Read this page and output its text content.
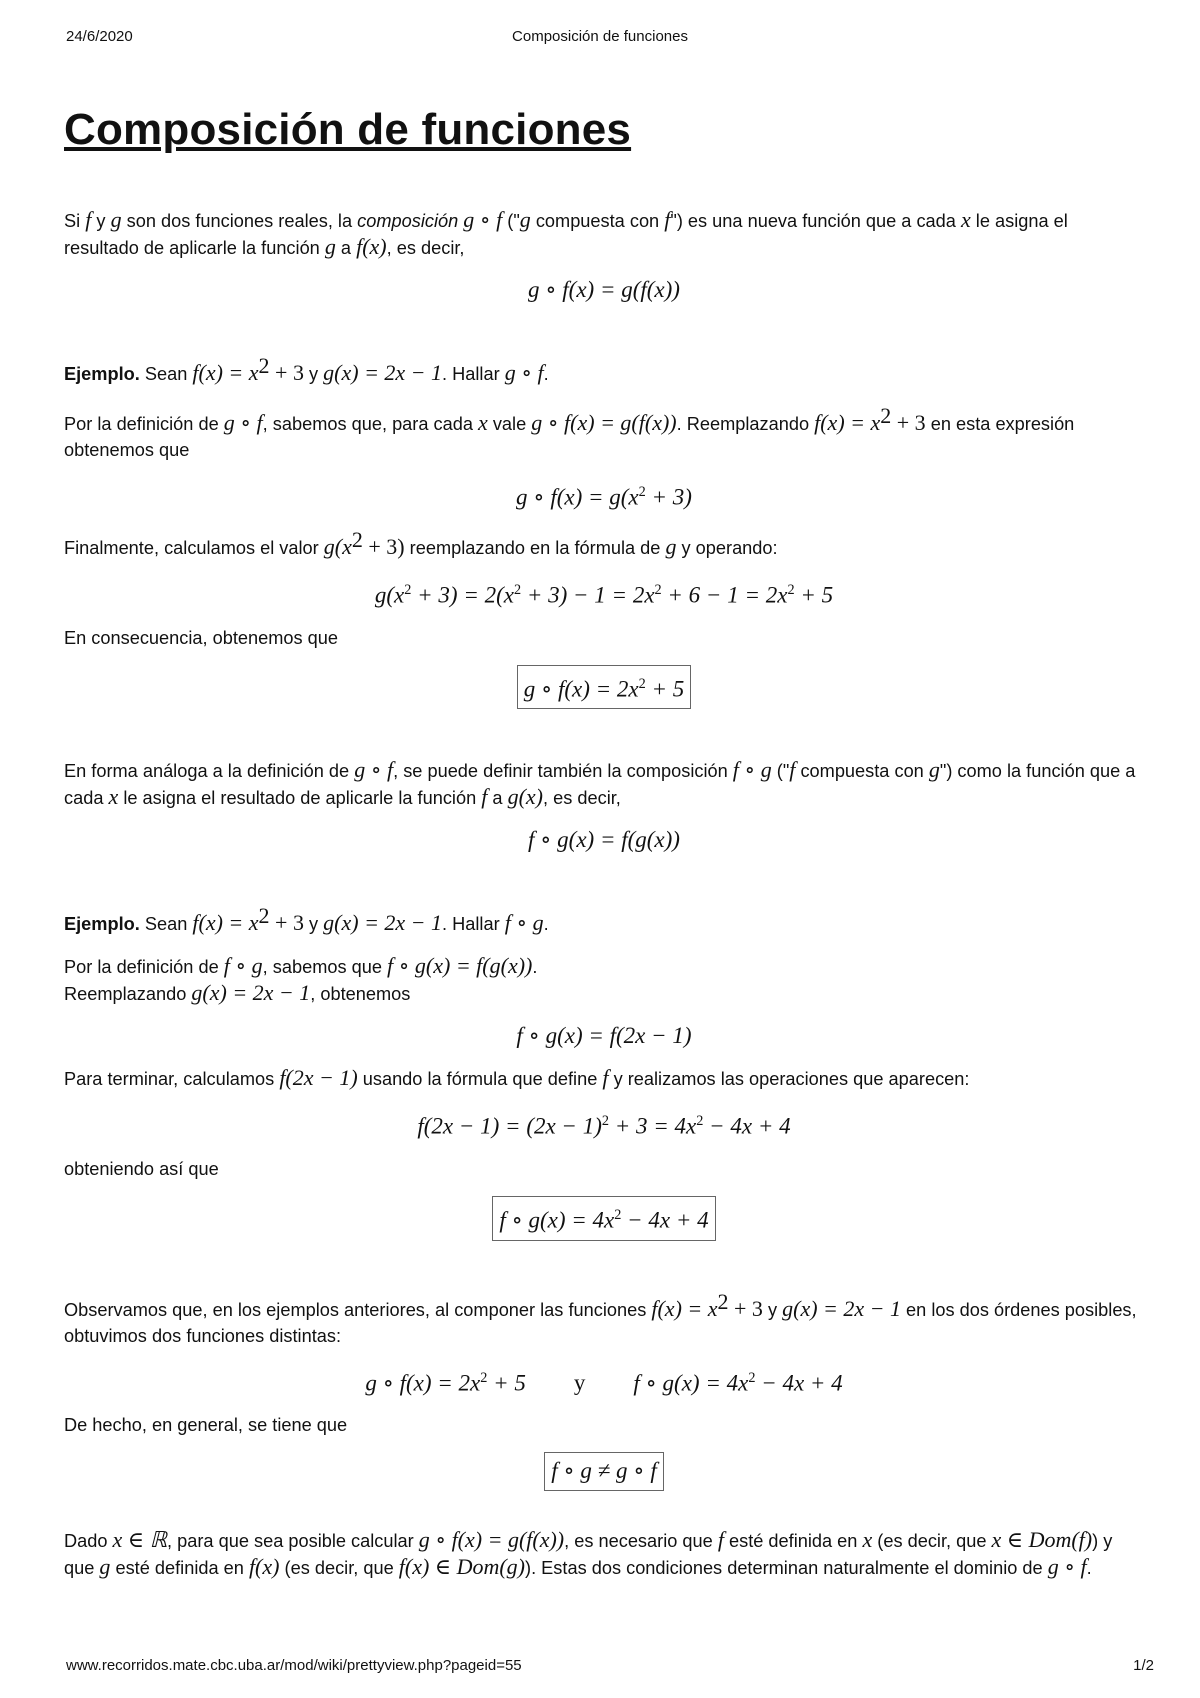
24/6/2020	Composición de funciones
Composición de funciones

Si f y g son dos funciones reales, la composición g ∘ f ("g compuesta con f") es una nueva función que a cada x le asigna el resultado de aplicarle la función g a f(x), es decir,

g ∘ f(x) = g(f(x))

Ejemplo. Sean $f(x) = x^2 + 3$ y g(x) = 2x − 1. Hallar g ∘ f.

Por la definición de g ∘ f, sabemos que, para cada x vale g ∘ f(x) = g(f(x)). Reemplazando $f(x) = x^2 + 3$ en esta expresión obtenemos que

g ∘ $f(x) = g(x^2 + 3)$

Finalmente, calculamos el valor $g(x^2 + 3)$ reemplazando en la fórmula de g y operando:

$g(x^2 + 3) = 2(x^2 + 3) - 1 = 2x^2 + 6 - 1 = 2x^2 + 5$

En consecuencia, obtenemos que

g ∘ $f(x) = 2x^2 + 5$

En forma análoga a la definición de g ∘ f, se puede definir también la composición f ∘ g ("f compuesta con g") como la función que a cada x le asigna el resultado de aplicarle la función f a g(x), es decir,

f ∘ g(x) = f(g(x))

Ejemplo. Sean $f(x) = x^2 + 3$ y g(x) = 2x − 1. Hallar f ∘ g.

Por la definición de f ∘ g, sabemos que f ∘ g(x) = f(g(x)).
Reemplazando g(x) = 2x − 1, obtenemos

f ∘ g(x) = f(2x − 1)

Para terminar, calculamos f(2x − 1) usando la fórmula que define f y realizamos las operaciones que aparecen:

$f(2x - 1) = (2x - 1)^2 + 3 = 4x^2 - 4x + 4$

obteniendo así que

f ∘ $g(x) = 4x^2 - 4x + 4$

Observamos que, en los ejemplos anteriores, al componer las funciones $f(x) = x^2 + 3$ y g(x) = 2x − 1 en los dos órdenes posibles, obtuvimos dos funciones distintas:

g ∘ $f(x) = 2x^2 + 5$ y f ∘ $g(x) = 4x^2 - 4x + 4$

De hecho, en general, se tiene que

f ∘ g ≠ g ∘ f

Dado x ∈ ℝ, para que sea posible calcular g ∘ f(x) = g(f(x)), es necesario que f esté definida en x (es decir, que x ∈ Dom(f)) y que g esté definida en f(x) (es decir, que f(x) ∈ Dom(g)). Estas dos condiciones determinan naturalmente el dominio de g ∘ f.

www.recorridos.mate.cbc.uba.ar/mod/wiki/prettyview.php?pageid=55	1/2
